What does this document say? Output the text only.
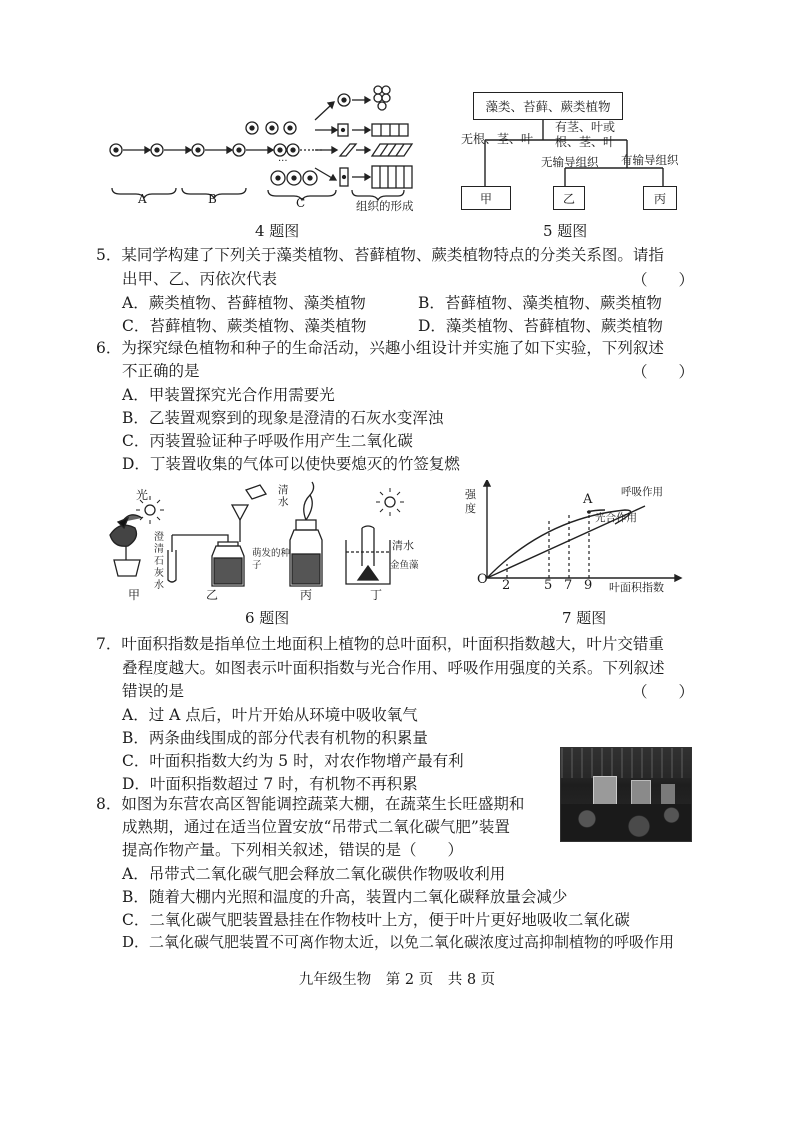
···
A	B	C	组织的形成
4 题图
藻类、苔藓、蕨类植物
无根、茎、叶
有茎、叶或
根、茎、叶
无输导组织 有输导组织
甲	乙	丙
5 题图
5．某同学构建了下列关于藻类植物、苔藓植物、蕨类植物特点的分类关系图。请指
出甲、乙、丙依次代表	（　　）
A．蕨类植物、苔藓植物、藻类植物	B．苔藓植物、藻类植物、蕨类植物
C．苔藓植物、蕨类植物、藻类植物	D．藻类植物、苔藓植物、蕨类植物
6．为探究绿色植物和种子的生命活动，兴趣小组设计并实施了如下实验，下列叙述
不正确的是	（　　）
A．甲装置探究光合作用需要光
B．乙装置观察到的现象是澄清的石灰水变浑浊
C．丙装置验证种子呼吸作用产生二氧化碳
D．丁装置收集的气体可以使快要熄灭的竹签复燃
光
澄清石灰水
清水
萌发的种子
清水
金鱼藻
甲	乙	丙	丁
6 题图
强度
O 2	5 7 9 叶面积指数
A	呼吸作用
光合作用
7 题图
7．叶面积指数是指单位土地面积上植物的总叶面积，叶面积指数越大，叶片交错重
叠程度越大。如图表示叶面积指数与光合作用、呼吸作用强度的关系。下列叙述
错误的是	（　　）
A．过 A 点后，叶片开始从环境中吸收氧气
B．两条曲线围成的部分代表有机物的积累量
C．叶面积指数大约为 5 时，对农作物增产最有利
D．叶面积指数超过 7 时，有机物不再积累
8．如图为东营农高区智能调控蔬菜大棚，在蔬菜生长旺盛期和
成熟期，通过在适当位置安放“吊带式二氧化碳气肥”装置
提高作物产量。下列相关叙述，错误的是（　　）
A．吊带式二氧化碳气肥会释放二氧化碳供作物吸收利用
B．随着大棚内光照和温度的升高，装置内二氧化碳释放量会减少
C．二氧化碳气肥装置悬挂在作物枝叶上方，便于叶片更好地吸收二氧化碳
D．二氧化碳气肥装置不可离作物太近，以免二氧化碳浓度过高抑制植物的呼吸作用
九年级生物　第 2 页　共 8 页
